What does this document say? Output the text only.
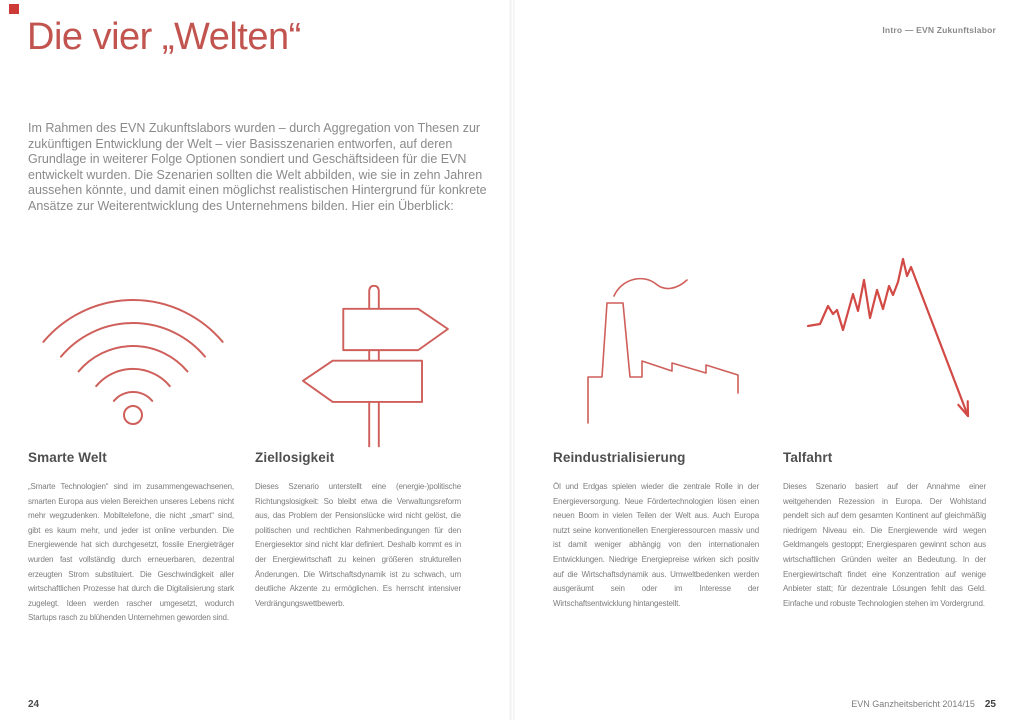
Intro — EVN Zukunftslabor
Die vier „Welten“

Im Rahmen des EVN Zukunftslabors wurden – durch Aggregation von Thesen zur zukünftigen Entwicklung der Welt – vier Basisszenarien entworfen, auf deren Grundlage in weiterer Folge Optionen sondiert und Geschäftsideen für die EVN entwickelt wurden. Die Szenarien sollten die Welt abbilden, wie sie in zehn Jahren aussehen könnte, und damit einen möglichst realistischen Hintergrund für konkrete Ansätze zur Weiterentwicklung des Unternehmens bilden. Hier ein Überblick:

Smarte Welt

„Smarte Technologien“ sind im zusammengewachsenen, smarten Europa aus vielen Bereichen unseres Lebens nicht mehr wegzudenken. Mobiltelefone, die nicht „smart“ sind, gibt es kaum mehr, und jeder ist online verbunden. Die Energiewende hat sich durchgesetzt, fossile Energieträger wurden fast vollständig durch erneuerbaren, dezentral erzeugten Strom substituiert. Die Geschwindigkeit aller wirtschaftlichen Prozesse hat durch die Digitalisierung stark zugelegt. Ideen werden rascher umgesetzt, wodurch Startups rasch zu blühenden Unternehmen geworden sind.

Ziellosigkeit

Dieses Szenario unterstellt eine (energie-)politische Richtungslosigkeit: So bleibt etwa die Verwaltungsreform aus, das Problem der Pensionslücke wird nicht gelöst, die politischen und rechtlichen Rahmenbedingungen für den Energiesektor sind nicht klar definiert. Deshalb kommt es in der Energiewirtschaft zu keinen größeren strukturellen Änderungen. Die Wirtschaftsdynamik ist zu schwach, um deutliche Akzente zu ermöglichen. Es herrscht intensiver Verdrängungswettbewerb.

Reindustrialisierung

Öl und Erdgas spielen wieder die zentrale Rolle in der Energieversorgung. Neue Fördertechnologien lösen einen neuen Boom in vielen Teilen der Welt aus. Auch Europa nutzt seine konventionellen Energieressourcen massiv und ist damit weniger abhängig von den internationalen Entwicklungen. Niedrige Energiepreise wirken sich positiv auf die Wirtschaftsdynamik aus. Umweltbedenken werden ausgeräumt sein oder im Interesse der Wirtschaftsentwicklung hintangestellt.

Talfahrt

Dieses Szenario basiert auf der Annahme einer weitgehenden Rezession in Europa. Der Wohlstand pendelt sich auf dem gesamten Kontinent auf gleichmäßig niedrigem Niveau ein. Die Energiewende wird wegen Geldmangels gestoppt; Energiesparen gewinnt schon aus wirtschaftlichen Gründen weiter an Bedeutung. In der Energiewirtschaft findet eine Konzentration auf wenige Anbieter statt; für dezentrale Lösungen fehlt das Geld. Einfache und robuste Technologien stehen im Vordergrund.

24	EVN Ganzheitsbericht 2014/15 25
